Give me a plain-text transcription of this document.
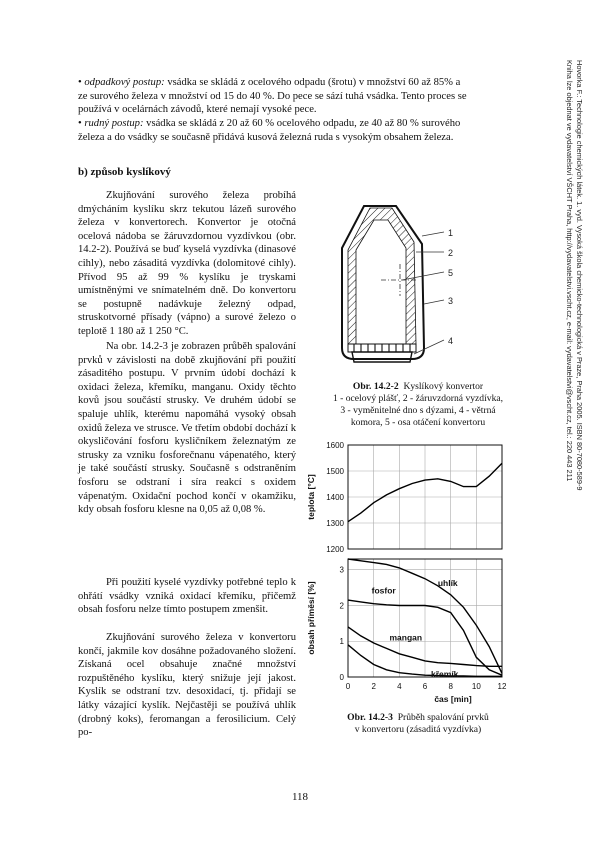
• odpadkový postup: vsádka se skládá z ocelového odpadu (šrotu) v množství 60 až 85% a
ze surového železa v množství od 15 do 40 %. Do pece se sází tuhá vsádka. Tento proces se
používá v ocelárnách závodů, které nemají vysoké pece.
• rudný postup: vsádka se skládá z 20 až 60 % ocelového odpadu, ze 40 až 80 % surového
železa a do vsádky se současně přidává kusová železná ruda s vysokým obsahem železa.
b) způsob kyslíkový
Zkujňování surového železa probíhá dmýcháním kyslíku skrz tekutou lázeň surového železa v konvertorech. Konvertor je otočná ocelová nádoba se žáruvzdornou vyzdívkou (obr. 14.2-2). Používá se buď kyselá vyzdívka (dinasové cihly), nebo zásaditá vyzdívka (dolomitové cihly). Přívod 95 až 99 % kyslíku je tryskami umístněnými ve snímatelném dně. Do konvertoru se postupně nadávkuje železný odpad, struskotvorné přísady (vápno) a surové železo o teplotě 1 180 až 1 250 °C.
Na obr. 14.2-3 je zobrazen průběh spalování prvků v závislosti na době zkujňování při použití zásaditého postupu. V prvním údobí dochází k oxidaci železa, křemíku, manganu. Oxidy těchto kovů jsou součástí strusky. Ve druhém údobí se spaluje uhlík, kterému napomáhá vysoký obsah oxidů železa ve strusce. Ve třetím období dochází k okysličování fosforu kysličníkem železnatým ze strusky za vzniku fosforečnanu vápenatého, který je také součástí strusky. Současně s odstraněním fosforu se odstraní i síra reakcí s oxidem vápenatým. Oxidační pochod končí v okamžiku, kdy obsah fosforu klesne na 0,05 až 0,08 %.
Při použití kyselé vyzdívky potřebné teplo k ohřátí vsádky vzniká oxidací křemíku, přičemž obsah fosforu nelze tímto postupem zmenšit.
Zkujňování surového železa v konvertoru končí, jakmile kov dosáhne požadovaného složení. Získaná ocel obsahuje značné množství rozpuštěného kyslíku, který snižuje její jakost. Kyslík se odstraní tzv. desoxidací, tj. přidají se látky vázající kyslík. Nejčastěji se používá uhlík (drobný koks), feromangan a ferosilicium. Celý po-
1
2
5
3
4
Obr. 14.2-2 Kyslíkový konvertor
1 - ocelový plášť, 2 - žáruvzdorná vyzdívka,
3 - vyměnitelné dno s dýzami, 4 - větrná
komora, 5 - osa otáčení konvertoru
1200
1300
1400
1500
1600
teplota [°C]
0
1
2
3
obsah příměsí [%]	uhlík
fosfor
mangan
křemík
0	2	4	6	8 10 12
čas [min]
Obr. 14.2-3 Průběh spalování prvků
v konvertoru (zásaditá vyzdívka)
118
Hovorka F.: Technologie chemických látek. 1. vyd. Vysoká škola chemicko-technologická v Praze, Praha 2005. ISBN 80-7080-589-9
Kniha lze objednat ve vydavatelství VŠCHT Praha, http://vydavatelstvi.vscht.cz, e-mail: vydavatelstvi@vscht.cz, tel.: 220 443 211
